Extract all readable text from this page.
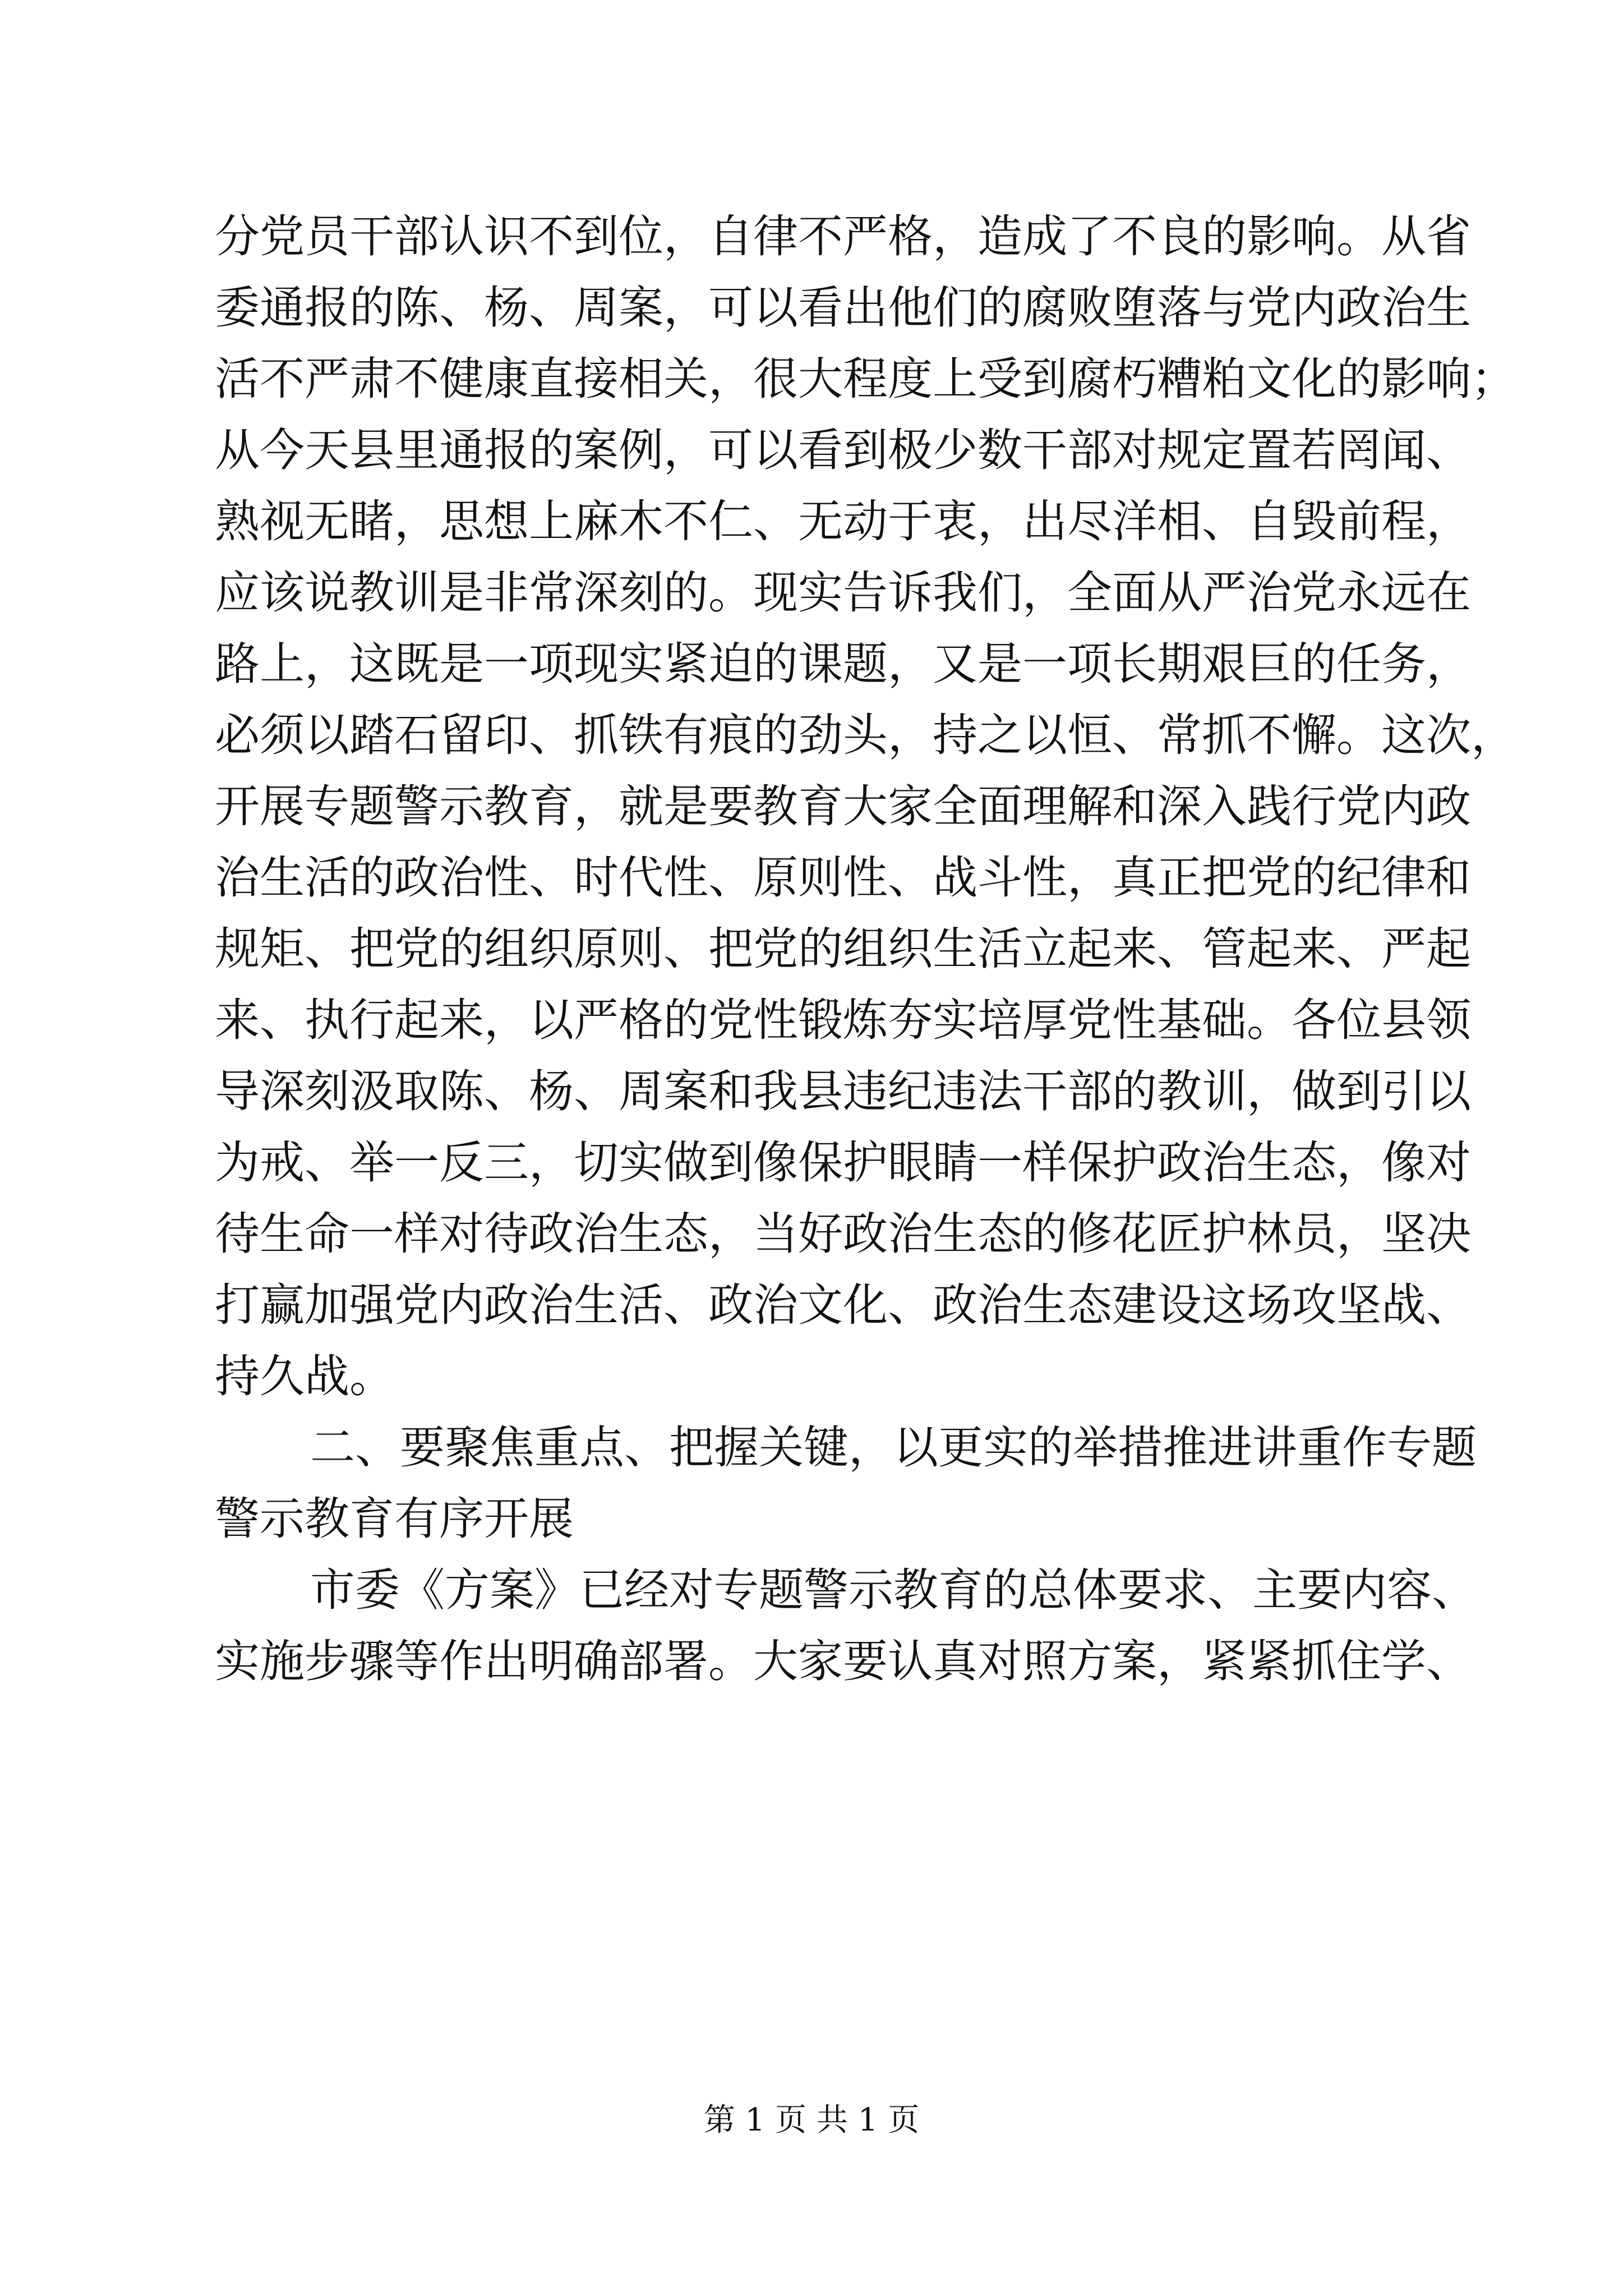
分党员干部认识不到位，自律不严格，造成了不良的影响。从省
委通报的陈、杨、周案，可以看出他们的腐败堕落与党内政治生
活不严肃不健康直接相关，很大程度上受到腐朽糟粕文化的影响；
从今天县里通报的案例，可以看到极少数干部对规定置若罔闻、
熟视无睹，思想上麻木不仁、无动于衷，出尽洋相、自毁前程，
应该说教训是非常深刻的。现实告诉我们，全面从严治党永远在
路上，这既是一项现实紧迫的课题，又是一项长期艰巨的任务，
必须以踏石留印、抓铁有痕的劲头，持之以恒、常抓不懈。这次，
开展专题警示教育，就是要教育大家全面理解和深入践行党内政
治生活的政治性、时代性、原则性、战斗性，真正把党的纪律和
规矩、把党的组织原则、把党的组织生活立起来、管起来、严起
来、执行起来，以严格的党性锻炼夯实培厚党性基础。各位县领
导深刻汲取陈、杨、周案和我县违纪违法干部的教训，做到引以
为戒、举一反三，切实做到像保护眼睛一样保护政治生态，像对
待生命一样对待政治生态，当好政治生态的修花匠护林员，坚决
打赢加强党内政治生活、政治文化、政治生态建设这场攻坚战、
持久战。
二、要聚焦重点、把握关键，以更实的举措推进讲重作专题
警示教育有序开展
市委《方案》已经对专题警示教育的总体要求、主要内容、
实施步骤等作出明确部署。大家要认真对照方案，紧紧抓住学、
第 1 页 共 1 页
